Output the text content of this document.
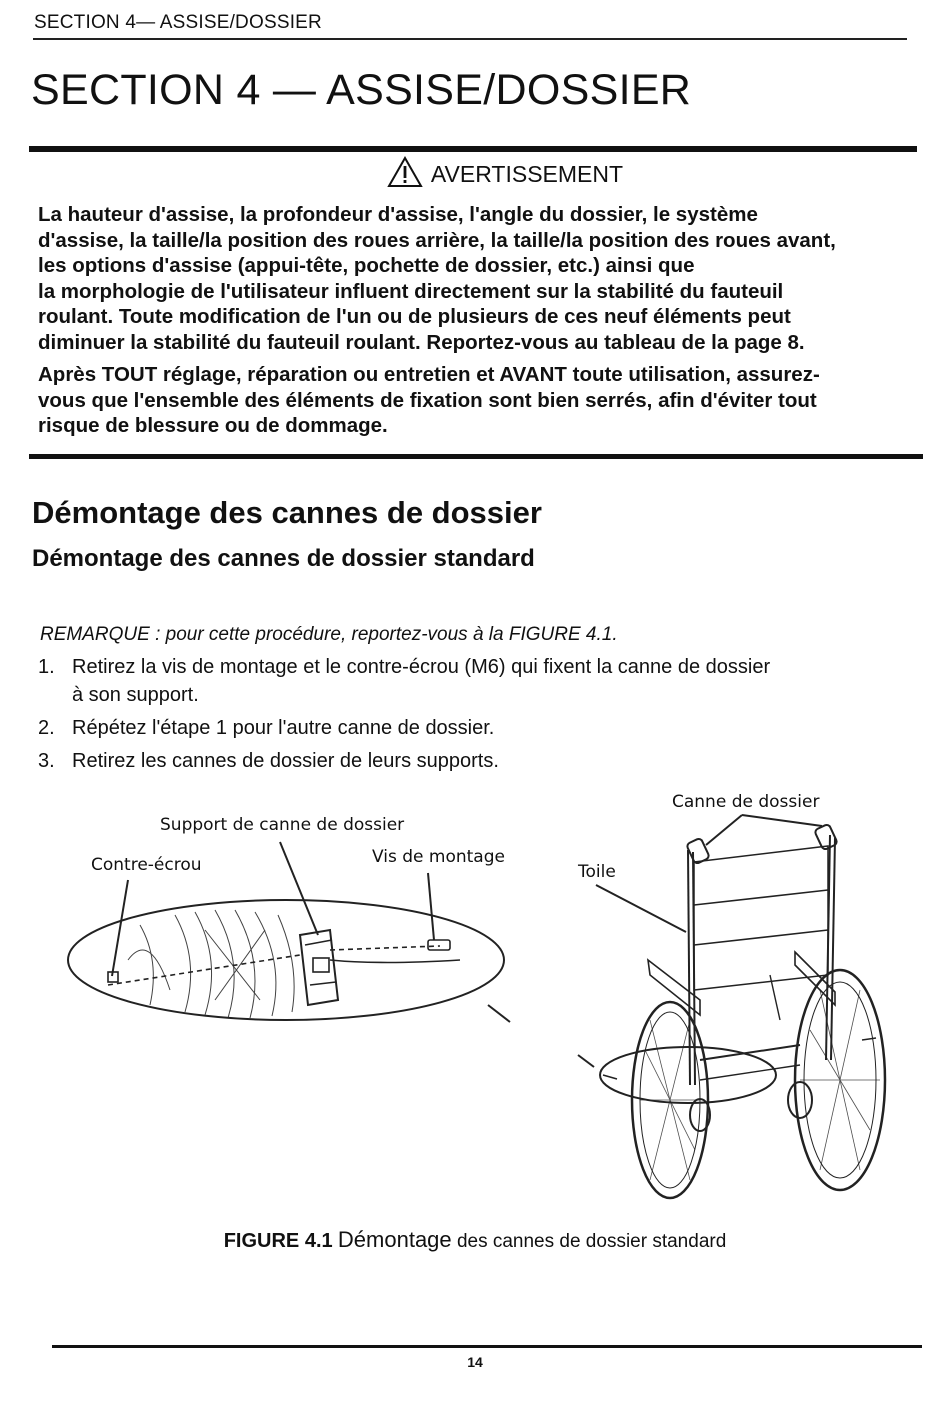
SECTION 4— ASSISE/DOSSIER
SECTION 4 — ASSISE/DOSSIER
AVERTISSEMENT
La hauteur d'assise, la profondeur d'assise, l'angle du dossier, le système
d'assise, la taille/la position des roues arrière, la taille/la position des roues avant,
les options d'assise (appui-tête, pochette de dossier, etc.) ainsi que
la morphologie de l'utilisateur influent directement sur la stabilité du fauteuil
roulant. Toute modification de l'un ou de plusieurs de ces neuf éléments peut
diminuer la stabilité du fauteuil roulant. Reportez-vous au tableau de la page 8.
Après TOUT réglage, réparation ou entretien et AVANT toute utilisation, assurez-
vous que l'ensemble des éléments de fixation sont bien serrés, afin d'éviter tout
risque de blessure ou de dommage.
Démontage des cannes de dossier
Démontage des cannes de dossier standard
REMARQUE : pour cette procédure, reportez-vous à la FIGURE 4.1.
1. Retirez la vis de montage et le contre-écrou (M6) qui fixent la canne de dossier
à son support.
2. Répétez l'étape 1 pour l'autre canne de dossier.
3. Retirez les cannes de dossier de leurs supports.
Support de canne de dossier
Contre-écrou	Vis de montage
Canne de dossier
Toile
FIGURE 4.1 Démontage des cannes de dossier standard
14
